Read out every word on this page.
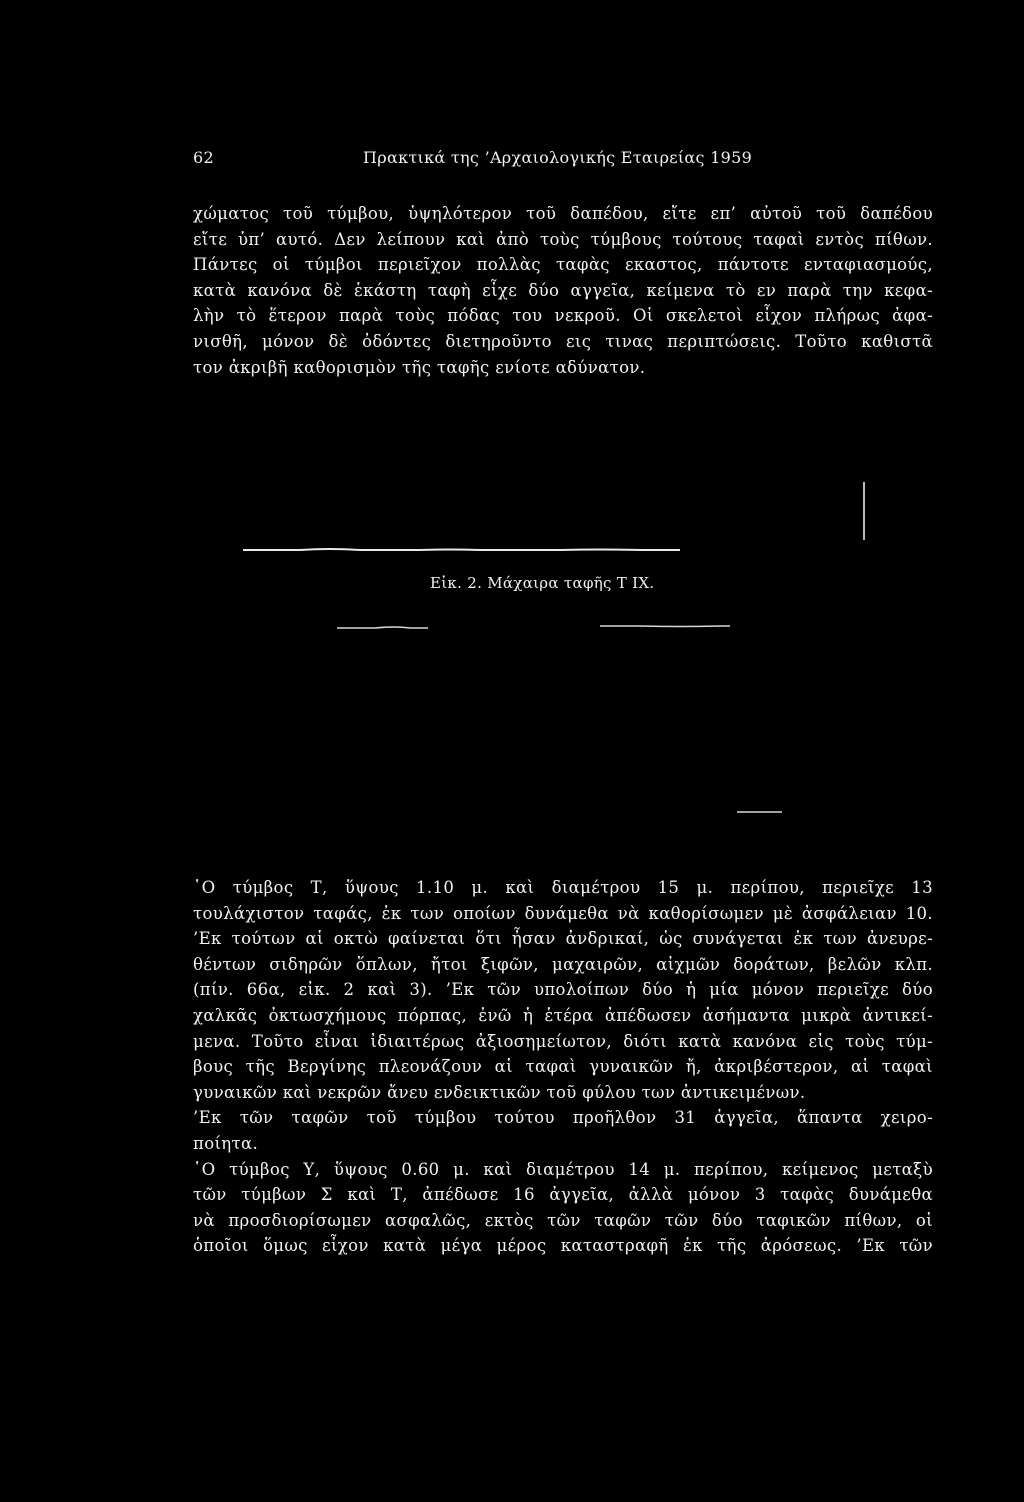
62	Πρακτικά της ’Αρχαιολογικής Εταιρείας 1959
χώματος τοῦ τύμβου, ὑψηλότερον τοῦ δαπέδου, εἴτε επ’ αὐτοῦ τοῦ δαπέδου
εἴτε ὑπ’ αυτό. Δεν λείπουν καὶ ἀπὸ τοὺς τύμβους τούτους ταφαὶ εντὸς πίθων.
Πάντες οἱ τύμβοι περιεῖχον πολλὰς ταφὰς εκαστος, πάντοτε ενταφιασμούς,
κατὰ κανόνα δὲ ἑκάστη ταφὴ εἶχε δύο αγγεῖα, κείμενα τὸ εν παρὰ την κεφα-
λὴν τὸ ἕτερον παρὰ τοὺς πόδας του νεκροῦ. Οἱ σκελετοὶ εἶχον πλήρως ἀφα-
νισθῆ, μόνον δὲ ὀδόντες διετηροῦντο εις τινας περιπτώσεις. Τοῦτο καθιστᾶ
τον ἀκριβῆ καθορισμὸν τῆς ταφῆς ενίοτε αδύνατον.
Εἰκ. 2. Μάχαιρα ταφῆς Τ IX.
῾Ο τύμβος Τ, ὕψους 1.10 μ. καὶ διαμέτρου 15 μ. περίπου, περιεῖχε 13
τουλάχιστον ταφάς, ἐκ των οποίων δυνάμεθα νὰ καθορίσωμεν μὲ ἀσφάλειαν 10.
’Εκ τούτων αἱ οκτὼ φαίνεται ὅτι ἦσαν ἀνδρικαί, ὡς συνάγεται ἐκ των ἀνευρε-
θέντων σιδηρῶν ὅπλων, ἤτοι ξιφῶν, μαχαιρῶν, αἰχμῶν δοράτων, βελῶν κλπ.
(πίν. 66α, εἰκ. 2 καὶ 3). ’Εκ τῶν υπολοίπων δύο ἡ μία μόνον περιεῖχε δύο
χαλκᾶς ὀκτωσχήμους πόρπας, ἐνῶ ἡ ἑτέρα ἀπέδωσεν ἀσήμαντα μικρὰ ἀντικεί-
μενα. Τοῦτο εἶναι ἰδιαιτέρως ἀξιοσημείωτον, διότι κατὰ κανόνα εἰς τοὺς τύμ-
βους τῆς Βεργίνης πλεονάζουν αἱ ταφαὶ γυναικῶν ἤ, ἀκριβέστερον, αἱ ταφαὶ
γυναικῶν καὶ νεκρῶν ἄνευ ενδεικτικῶν τοῦ φύλου των ἀντικειμένων.
’Εκ τῶν ταφῶν τοῦ τύμβου τούτου προῆλθον 31 ἀγγεῖα, ἅπαντα χειρο-
ποίητα.
῾Ο τύμβος Υ, ὕψους 0.60 μ. καὶ διαμέτρου 14 μ. περίπου, κείμενος μεταξὺ
τῶν τύμβων Σ καὶ Τ, ἀπέδωσε 16 ἀγγεῖα, ἀλλὰ μόνον 3 ταφὰς δυνάμεθα
νὰ προσδιορίσωμεν ασφαλῶς, εκτὸς τῶν ταφῶν τῶν δύο ταφικῶν πίθων, οἱ
ὁποῖοι ὅμως εἶχον κατὰ μέγα μέρος καταστραφῆ ἐκ τῆς ἀρόσεως. ’Εκ τῶν
